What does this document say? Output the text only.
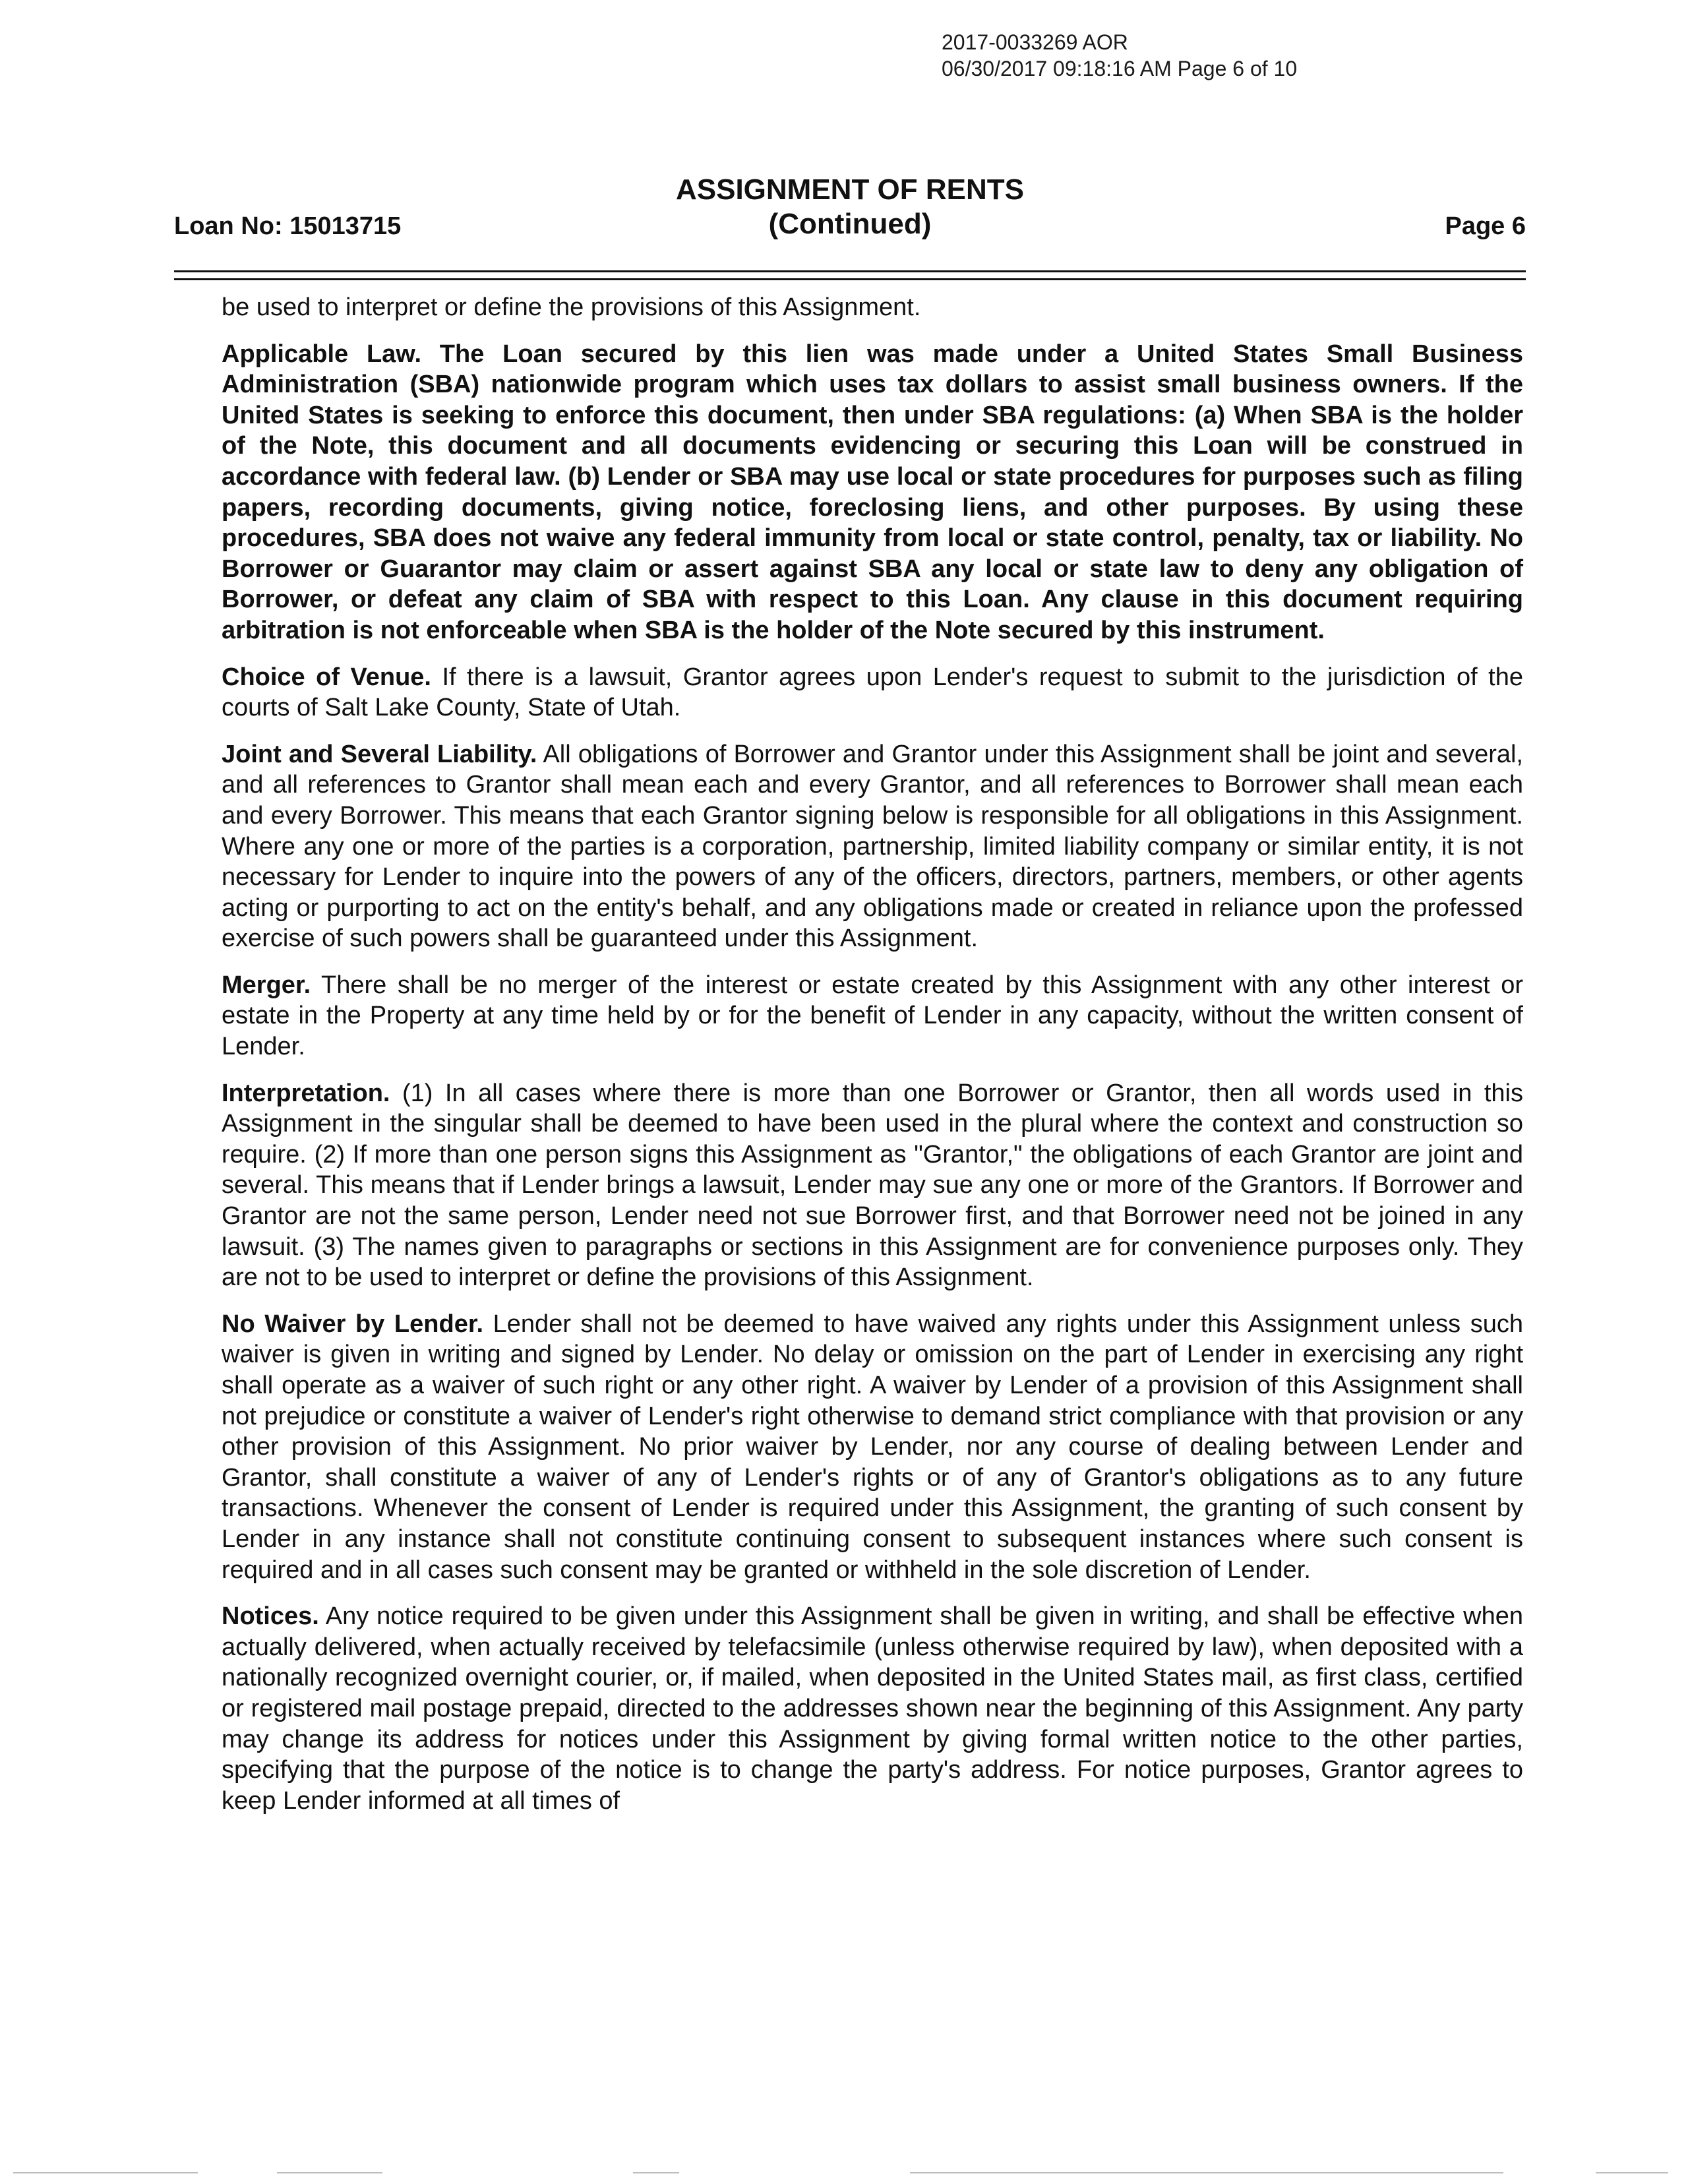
2017-0033269 AOR
06/30/2017 09:18:16 AM Page 6 of 10
Loan No: 15013715
ASSIGNMENT OF RENTS
(Continued)	Page 6

be used to interpret or define the provisions of this Assignment.

Applicable Law. The Loan secured by this lien was made under a United States Small Business Administration (SBA) nationwide program which uses tax dollars to assist small business owners. If the United States is seeking to enforce this document, then under SBA regulations: (a) When SBA is the holder of the Note, this document and all documents evidencing or securing this Loan will be construed in accordance with federal law. (b) Lender or SBA may use local or state procedures for purposes such as filing papers, recording documents, giving notice, foreclosing liens, and other purposes. By using these procedures, SBA does not waive any federal immunity from local or state control, penalty, tax or liability. No Borrower or Guarantor may claim or assert against SBA any local or state law to deny any obligation of Borrower, or defeat any claim of SBA with respect to this Loan. Any clause in this document requiring arbitration is not enforceable when SBA is the holder of the Note secured by this instrument.

Choice of Venue. If there is a lawsuit, Grantor agrees upon Lender's request to submit to the jurisdiction of the courts of Salt Lake County, State of Utah.

Joint and Several Liability. All obligations of Borrower and Grantor under this Assignment shall be joint and several, and all references to Grantor shall mean each and every Grantor, and all references to Borrower shall mean each and every Borrower. This means that each Grantor signing below is responsible for all obligations in this Assignment. Where any one or more of the parties is a corporation, partnership, limited liability company or similar entity, it is not necessary for Lender to inquire into the powers of any of the officers, directors, partners, members, or other agents acting or purporting to act on the entity's behalf, and any obligations made or created in reliance upon the professed exercise of such powers shall be guaranteed under this Assignment.

Merger. There shall be no merger of the interest or estate created by this Assignment with any other interest or estate in the Property at any time held by or for the benefit of Lender in any capacity, without the written consent of Lender.

Interpretation. (1) In all cases where there is more than one Borrower or Grantor, then all words used in this Assignment in the singular shall be deemed to have been used in the plural where the context and construction so require. (2) If more than one person signs this Assignment as "Grantor," the obligations of each Grantor are joint and several. This means that if Lender brings a lawsuit, Lender may sue any one or more of the Grantors. If Borrower and Grantor are not the same person, Lender need not sue Borrower first, and that Borrower need not be joined in any lawsuit. (3) The names given to paragraphs or sections in this Assignment are for convenience purposes only. They are not to be used to interpret or define the provisions of this Assignment.

No Waiver by Lender. Lender shall not be deemed to have waived any rights under this Assignment unless such waiver is given in writing and signed by Lender. No delay or omission on the part of Lender in exercising any right shall operate as a waiver of such right or any other right. A waiver by Lender of a provision of this Assignment shall not prejudice or constitute a waiver of Lender's right otherwise to demand strict compliance with that provision or any other provision of this Assignment. No prior waiver by Lender, nor any course of dealing between Lender and Grantor, shall constitute a waiver of any of Lender's rights or of any of Grantor's obligations as to any future transactions. Whenever the consent of Lender is required under this Assignment, the granting of such consent by Lender in any instance shall not constitute continuing consent to subsequent instances where such consent is required and in all cases such consent may be granted or withheld in the sole discretion of Lender.

Notices. Any notice required to be given under this Assignment shall be given in writing, and shall be effective when actually delivered, when actually received by telefacsimile (unless otherwise required by law), when deposited with a nationally recognized overnight courier, or, if mailed, when deposited in the United States mail, as first class, certified or registered mail postage prepaid, directed to the addresses shown near the beginning of this Assignment. Any party may change its address for notices under this Assignment by giving formal written notice to the other parties, specifying that the purpose of the notice is to change the party's address. For notice purposes, Grantor agrees to keep Lender informed at all times of
